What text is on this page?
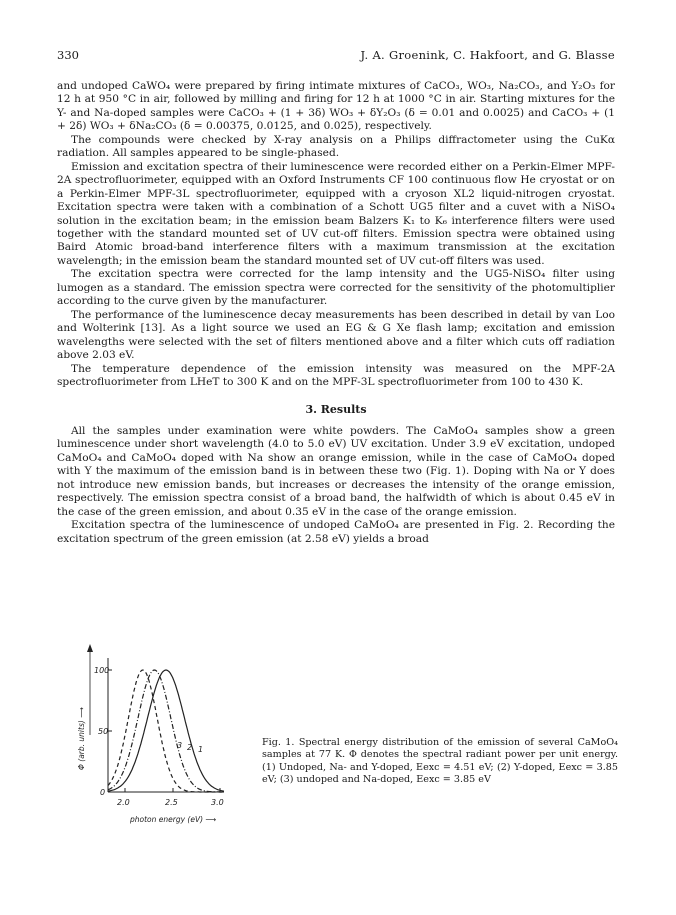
330	J. A. Groenink, C. Hakfoort, and G. Blasse

and undoped CaWO₄ were prepared by firing intimate mixtures of CaCO₃, WO₃, Na₂CO₃, and Y₂O₃ for 12 h at 950 °C in air, followed by milling and firing for 12 h at 1000 °C in air. Starting mixtures for the Y- and Na-doped samples were CaCO₃ + (1 + 3δ) WO₃ + δY₂O₃ (δ = 0.01 and 0.0025) and CaCO₃ + (1 + 2δ) WO₃ + δNa₂CO₃ (δ = 0.00375, 0.0125, and 0.025), respectively.

The compounds were checked by X-ray analysis on a Philips diffractometer using the CuKα radiation. All samples appeared to be single-phased.

Emission and excitation spectra of their luminescence were recorded either on a Perkin-Elmer MPF-2A spectrofluorimeter, equipped with an Oxford Instruments CF 100 continuous flow He cryostat or on a Perkin-Elmer MPF-3L spectrofluorimeter, equipped with a cryoson XL2 liquid-nitrogen cryostat. Excitation spectra were taken with a combination of a Schott UG5 filter and a cuvet with a NiSO₄ solution in the excitation beam; in the emission beam Balzers K₁ to K₆ interference filters were used together with the standard mounted set of UV cut-off filters. Emission spectra were obtained using Baird Atomic broad-band interference filters with a maximum transmission at the excitation wavelength; in the emission beam the standard mounted set of UV cut-off filters was used.

The excitation spectra were corrected for the lamp intensity and the UG5-NiSO₄ filter using lumogen as a standard. The emission spectra were corrected for the sensitivity of the photomultiplier according to the curve given by the manufacturer.

The performance of the luminescence decay measurements has been described in detail by van Loo and Wolterink [13]. As a light source we used an EG & G Xe flash lamp; excitation and emission wavelengths were selected with the set of filters mentioned above and a filter which cuts off radiation above 2.03 eV.

The temperature dependence of the emission intensity was measured on the MPF-2A spectrofluorimeter from LHeT to 300 K and on the MPF-3L spectrofluorimeter from 100 to 430 K.

3. Results

All the samples under examination were white powders. The CaMoO₄ samples show a green luminescence under short wavelength (4.0 to 5.0 eV) UV excitation. Under 3.9 eV excitation, undoped CaMoO₄ and CaMoO₄ doped with Na show an orange emission, while in the case of CaMoO₄ doped with Y the maximum of the emission band is in between these two (Fig. 1). Doping with Na or Y does not introduce new emission bands, but increases or decreases the intensity of the orange emission, respectively. The emission spectra consist of a broad band, the halfwidth of which is about 0.45 eV in the case of the green emission, and about 0.35 eV in the case of the orange emission.

Excitation spectra of the luminescence of undoped CaMoO₄ are presented in Fig. 2. Recording the excitation spectrum of the green emission (at 2.58 eV) yields a broad

Φ (arb. units) ⟶
photon energy (eV) ⟶
100
50
0
2.0	2.5	3.0
3 2 1
Fig. 1. Spectral energy distribution of the emission of several CaMoO₄ samples at 77 K. Φ denotes the spectral radiant power per unit energy. (1) Undoped, Na- and Y-doped, Eexc = 4.51 eV; (2) Y-doped, Eexc = 3.85 eV; (3) undoped and Na-doped, Eexc = 3.85 eV
